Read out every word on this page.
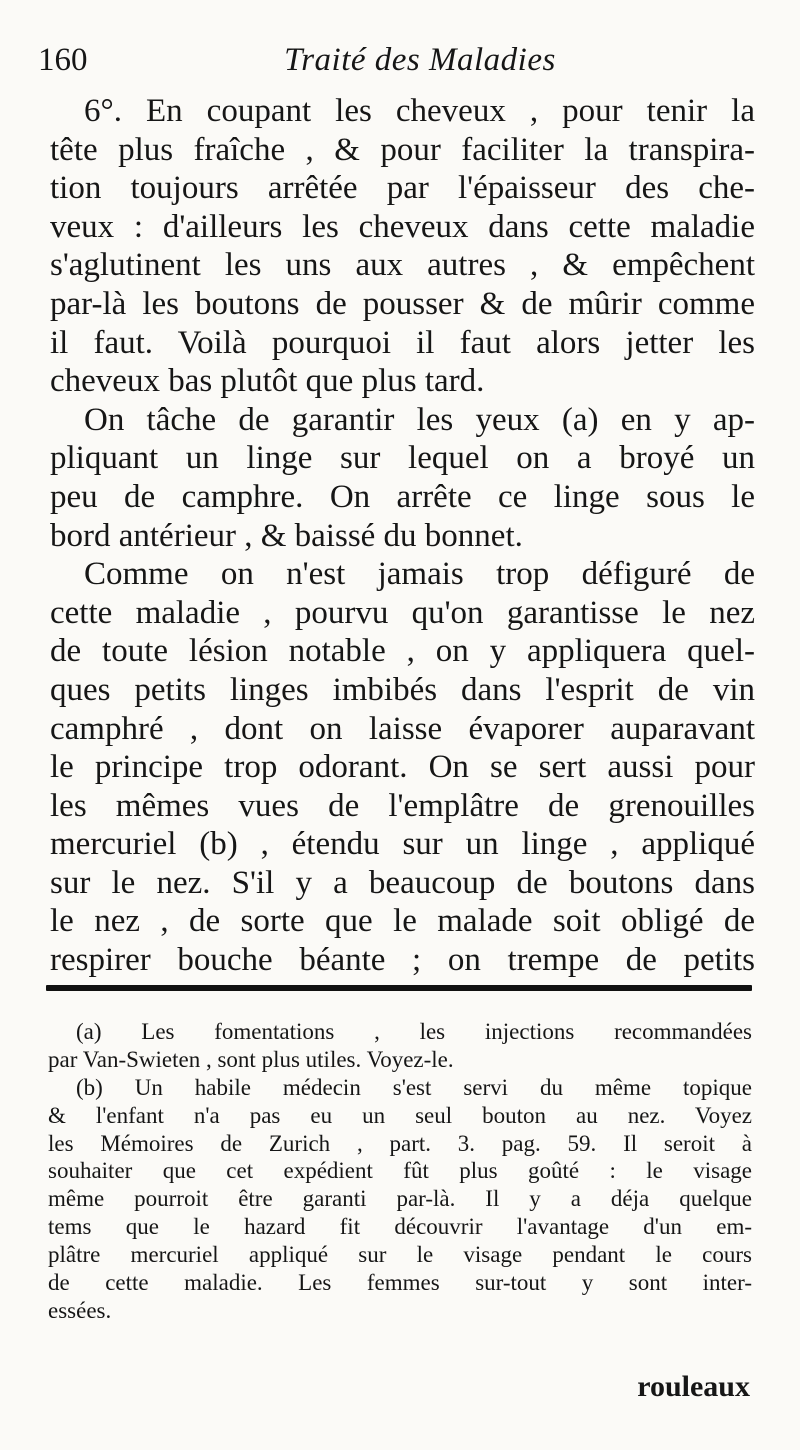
160	Traité des Maladies
6°. En coupant les cheveux , pour tenir la
tête plus fraîche , & pour faciliter la transpira-
tion toujours arrêtée par l'épaisseur des che-
veux : d'ailleurs les cheveux dans cette maladie
s'aglutinent les uns aux autres , & empêchent
par-là les boutons de pousser & de mûrir comme
il faut. Voilà pourquoi il faut alors jetter les
cheveux bas plutôt que plus tard.
On tâche de garantir les yeux (a) en y ap-
pliquant un linge sur lequel on a broyé un
peu de camphre. On arrête ce linge sous le
bord antérieur , & baissé du bonnet.
Comme on n'est jamais trop défiguré de
cette maladie , pourvu qu'on garantisse le nez
de toute lésion notable , on y appliquera quel-
ques petits linges imbibés dans l'esprit de vin
camphré , dont on laisse évaporer auparavant
le principe trop odorant. On se sert aussi pour
les mêmes vues de l'emplâtre de grenouilles
mercuriel (b) , étendu sur un linge , appliqué
sur le nez. S'il y a beaucoup de boutons dans
le nez , de sorte que le malade soit obligé de
respirer bouche béante ; on trempe de petits
(a) Les fomentations , les injections recommandées
par Van-Swieten , sont plus utiles. Voyez-le.
(b) Un habile médecin s'est servi du même topique
& l'enfant n'a pas eu un seul bouton au nez. Voyez
les Mémoires de Zurich , part. 3. pag. 59. Il seroit à
souhaiter que cet expédient fût plus goûté : le visage
même pourroit être garanti par-là. Il y a déja quelque
tems que le hazard fit découvrir l'avantage d'un em-
plâtre mercuriel appliqué sur le visage pendant le cours
de cette maladie. Les femmes sur-tout y sont inter-
essées.
rouleaux
